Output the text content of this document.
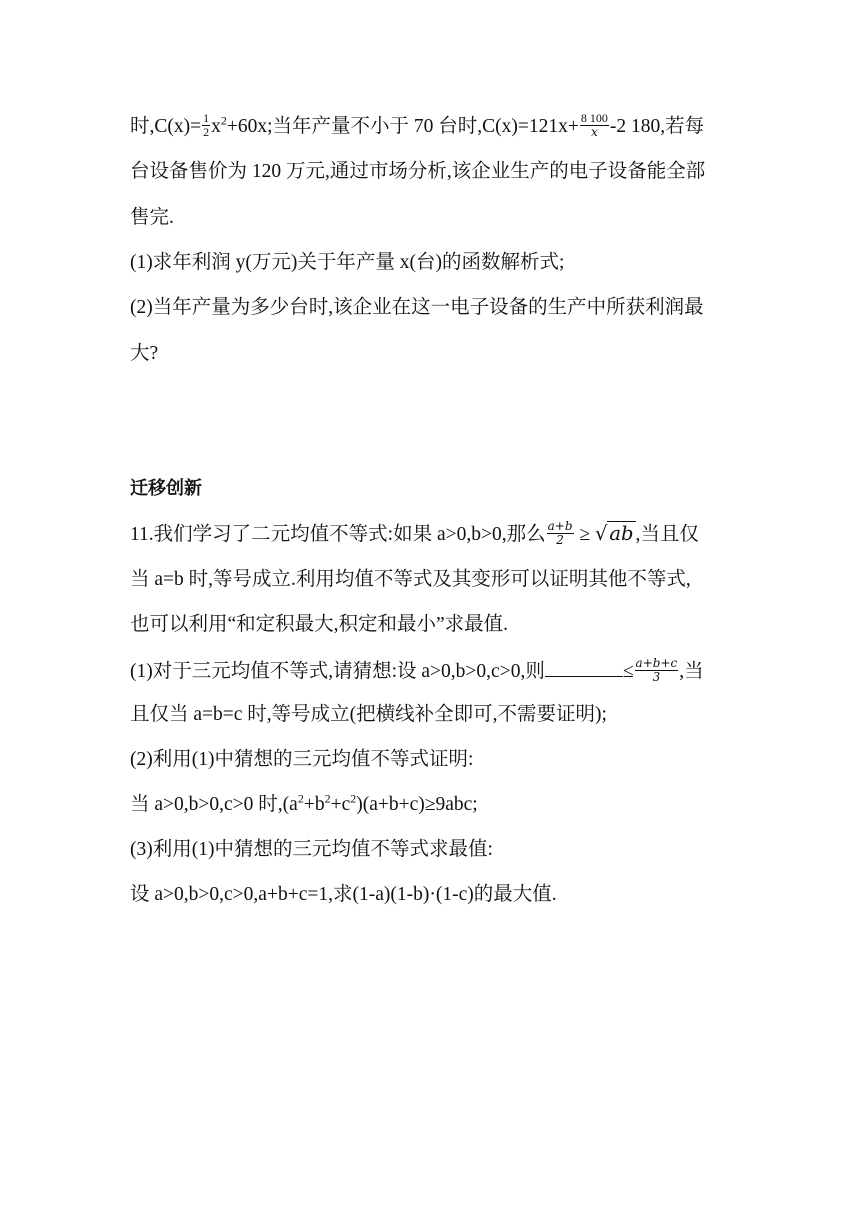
时$,C(x)= \frac{1}{2} x^2+60x$;当年产量不小于 70 台时$,C(x)=121x+ \frac{8 100}{x} -2$ 180,若每
台设备售价为 120 万元,通过市场分析,该企业生产的电子设备能全部
售完.
(1)求年利润 y(万元)关于年产量 x(台)的函数解析式;
(2)当年产量为多少台时,该企业在这一电子设备的生产中所获利润最
大?
迁移创新
11.我们学习了二元均值不等式:如果 a>0,b>0,那么 $\frac{a+b}{2}$ ≥ √ ab ,当且仅
当 a=b 时,等号成立.利用均值不等式及其变形可以证明其他不等式,
也可以利用“和定积最大,积定和最小”求最值.
(1)对于三元均值不等式,请猜想:设 a>0,b>0,c>0,则	≤ $\frac{a+b+c}{3}$ ,当
且仅当 a=b=c 时,等号成立(把横线补全即可,不需要证明);
(2)利用(1)中猜想的三元均值不等式证明:
当 a>0,b>0,c>0 时$,(a^2+b^2+c^2)(a+b+c)\ge 9abc$;
(3)利用(1)中猜想的三元均值不等式求最值:
设 a>0,b>0,c>0,a+b+c=1,求(1-a)(1-b)·(1-c)的最大值.
